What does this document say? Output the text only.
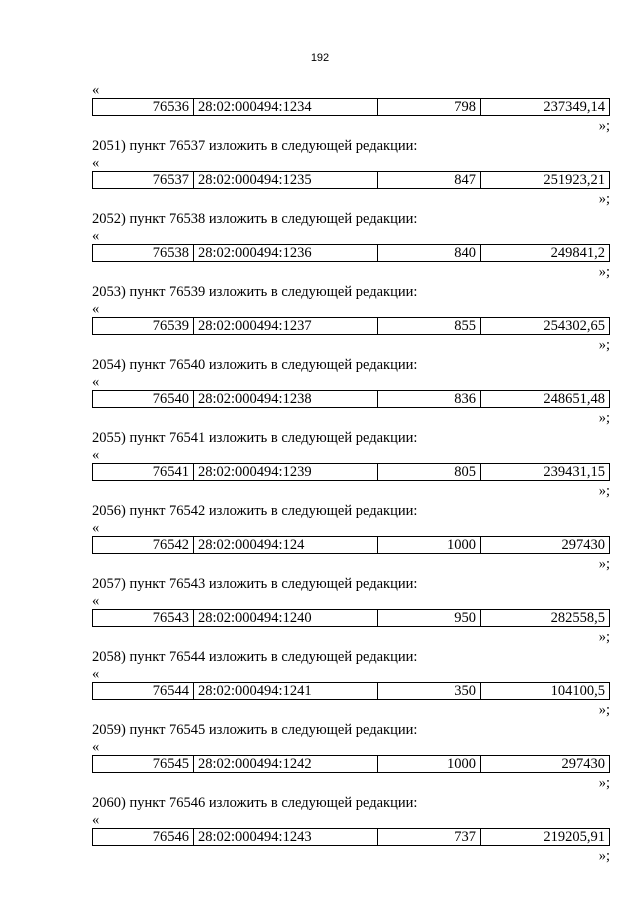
192
«
76536	28:02:000494:1234	798	237349,14
»;
2051) пункт 76537 изложить в следующей редакции:
«
76537	28:02:000494:1235	847	251923,21
»;
2052) пункт 76538 изложить в следующей редакции:
«
76538	28:02:000494:1236	840	249841,2
»;
2053) пункт 76539 изложить в следующей редакции:
«
76539	28:02:000494:1237	855	254302,65
»;
2054) пункт 76540 изложить в следующей редакции:
«
76540	28:02:000494:1238	836	248651,48
»;
2055) пункт 76541 изложить в следующей редакции:
«
76541	28:02:000494:1239	805	239431,15
»;
2056) пункт 76542 изложить в следующей редакции:
«
76542	28:02:000494:124	1000	297430
»;
2057) пункт 76543 изложить в следующей редакции:
«
76543	28:02:000494:1240	950	282558,5
»;
2058) пункт 76544 изложить в следующей редакции:
«
76544	28:02:000494:1241	350	104100,5
»;
2059) пункт 76545 изложить в следующей редакции:
«
76545	28:02:000494:1242	1000	297430
»;
2060) пункт 76546 изложить в следующей редакции:
«
76546	28:02:000494:1243	737	219205,91
»;
